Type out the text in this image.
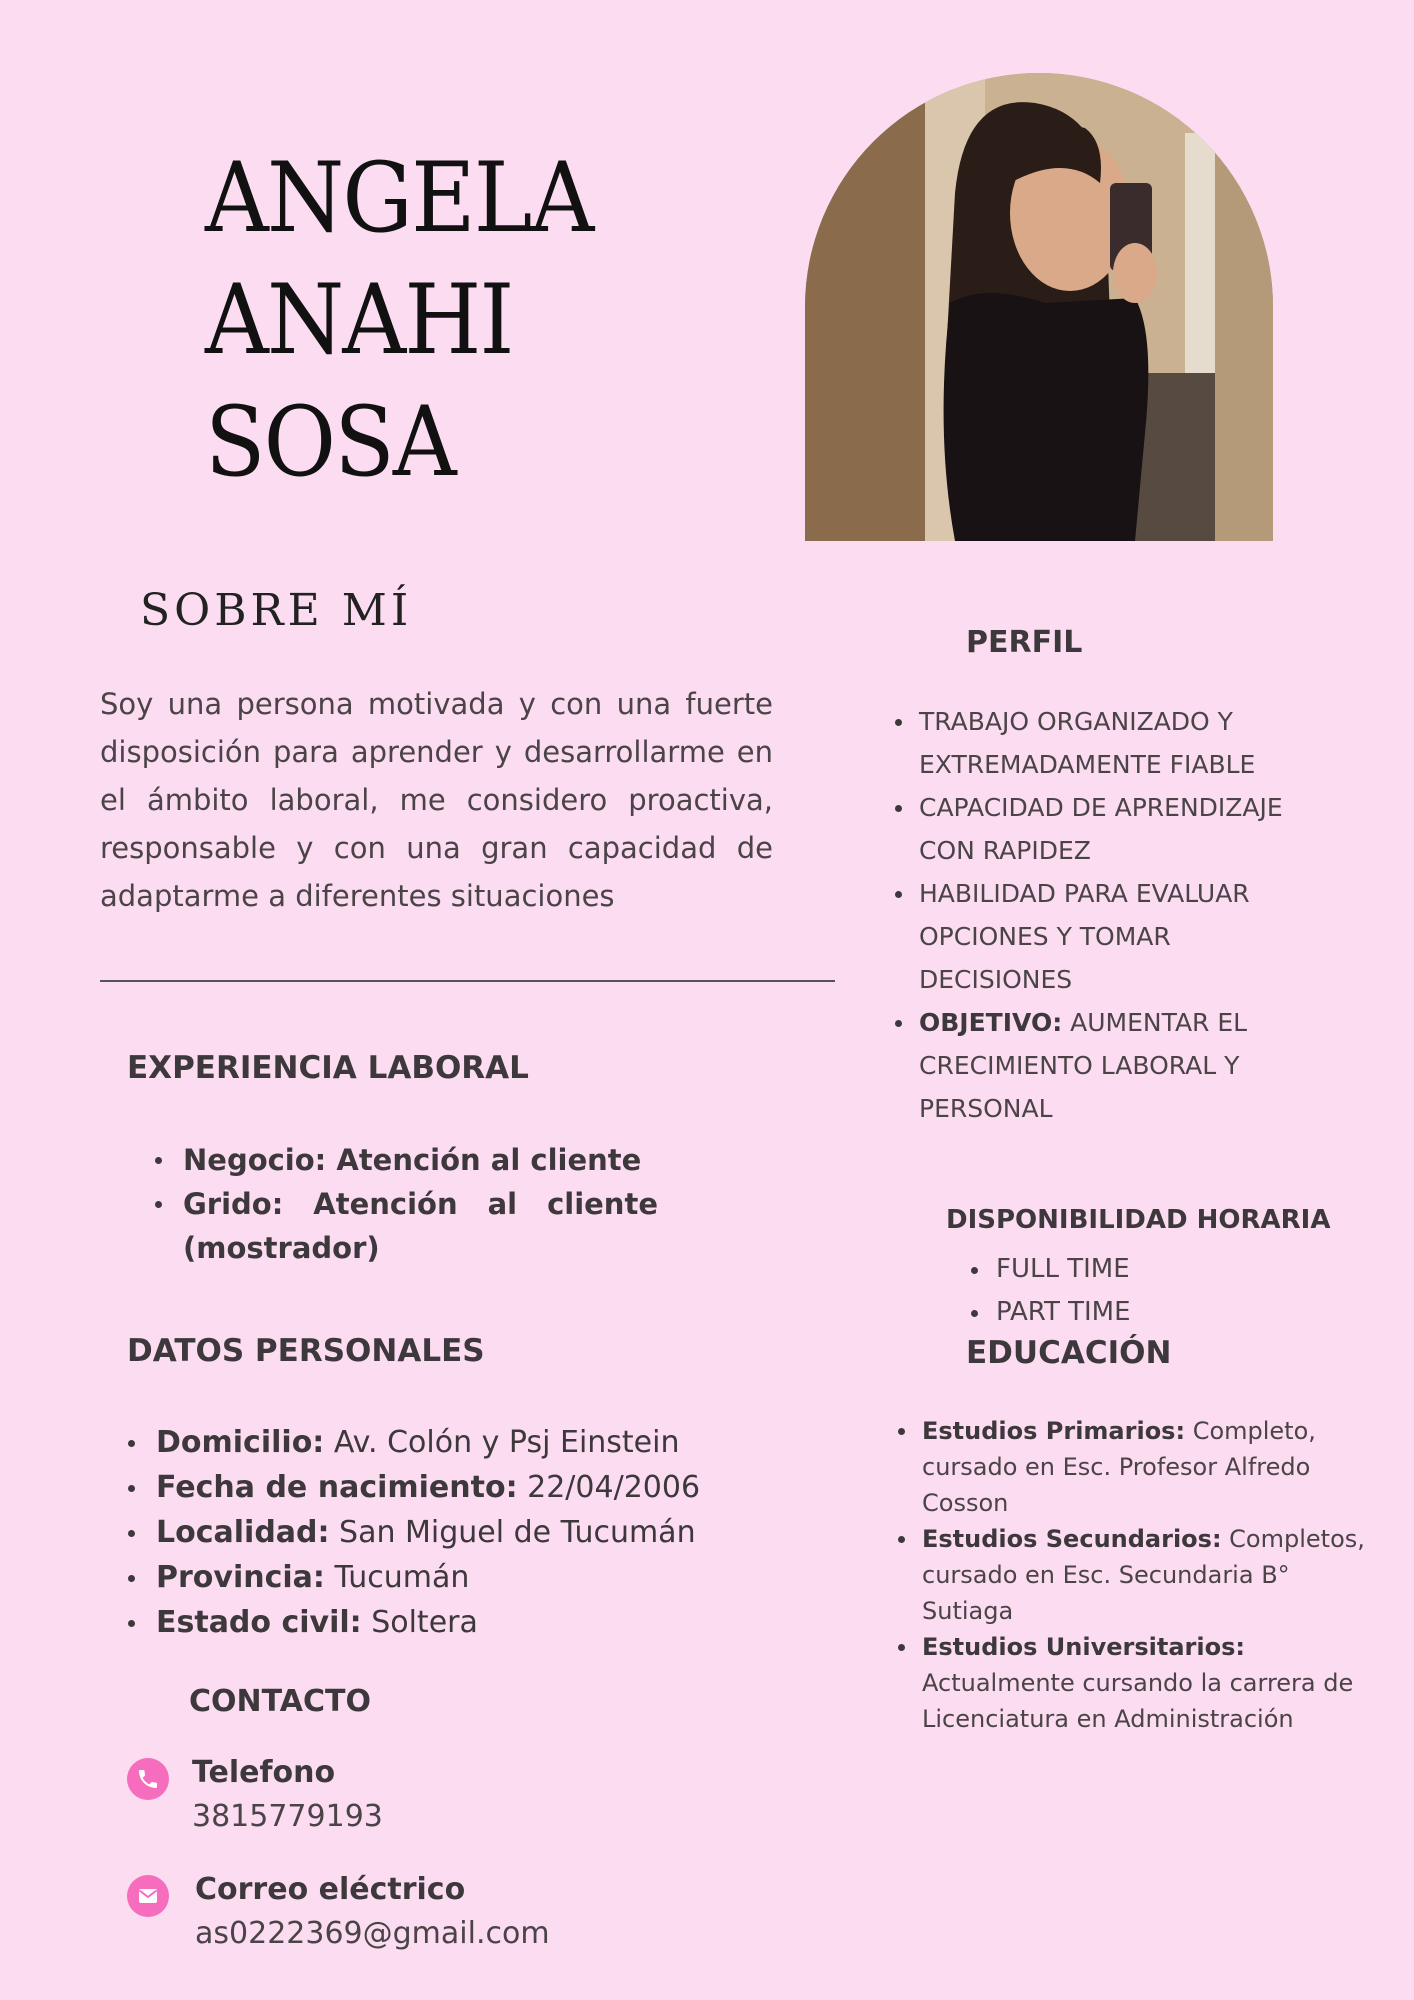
ANGELA
ANAHI
SOSA
SOBRE MÍ
Soy una persona motivada y con una fuerte disposición para aprender y desarrollarme en el ámbito laboral, me considero proactiva, responsable y con una gran capacidad de adaptarme a diferentes situaciones
EXPERIENCIA LABORAL
Negocio: Atención al cliente
Grido: Atención al cliente (mostrador)
DATOS PERSONALES
Domicilio: Av. Colón y Psj Einstein
Fecha de nacimiento: 22/04/2006
Localidad: San Miguel de Tucumán
Provincia: Tucumán
Estado civil: Soltera
CONTACTO
Telefono
3815779193
Correo eléctrico
as0222369@gmail.com
PERFIL
TRABAJO ORGANIZADO Y EXTREMADAMENTE FIABLE
CAPACIDAD DE APRENDIZAJE CON RAPIDEZ
HABILIDAD PARA EVALUAR OPCIONES Y TOMAR DECISIONES
OBJETIVO: AUMENTAR EL CRECIMIENTO LABORAL Y PERSONAL
DISPONIBILIDAD HORARIA
FULL TIME
PART TIME
EDUCACIÓN
Estudios Primarios: Completo, cursado en Esc. Profesor Alfredo Cosson
Estudios Secundarios: Completos, cursado en Esc. Secundaria B° Sutiaga
Estudios Universitarios: Actualmente cursando la carrera de Licenciatura en Administración
